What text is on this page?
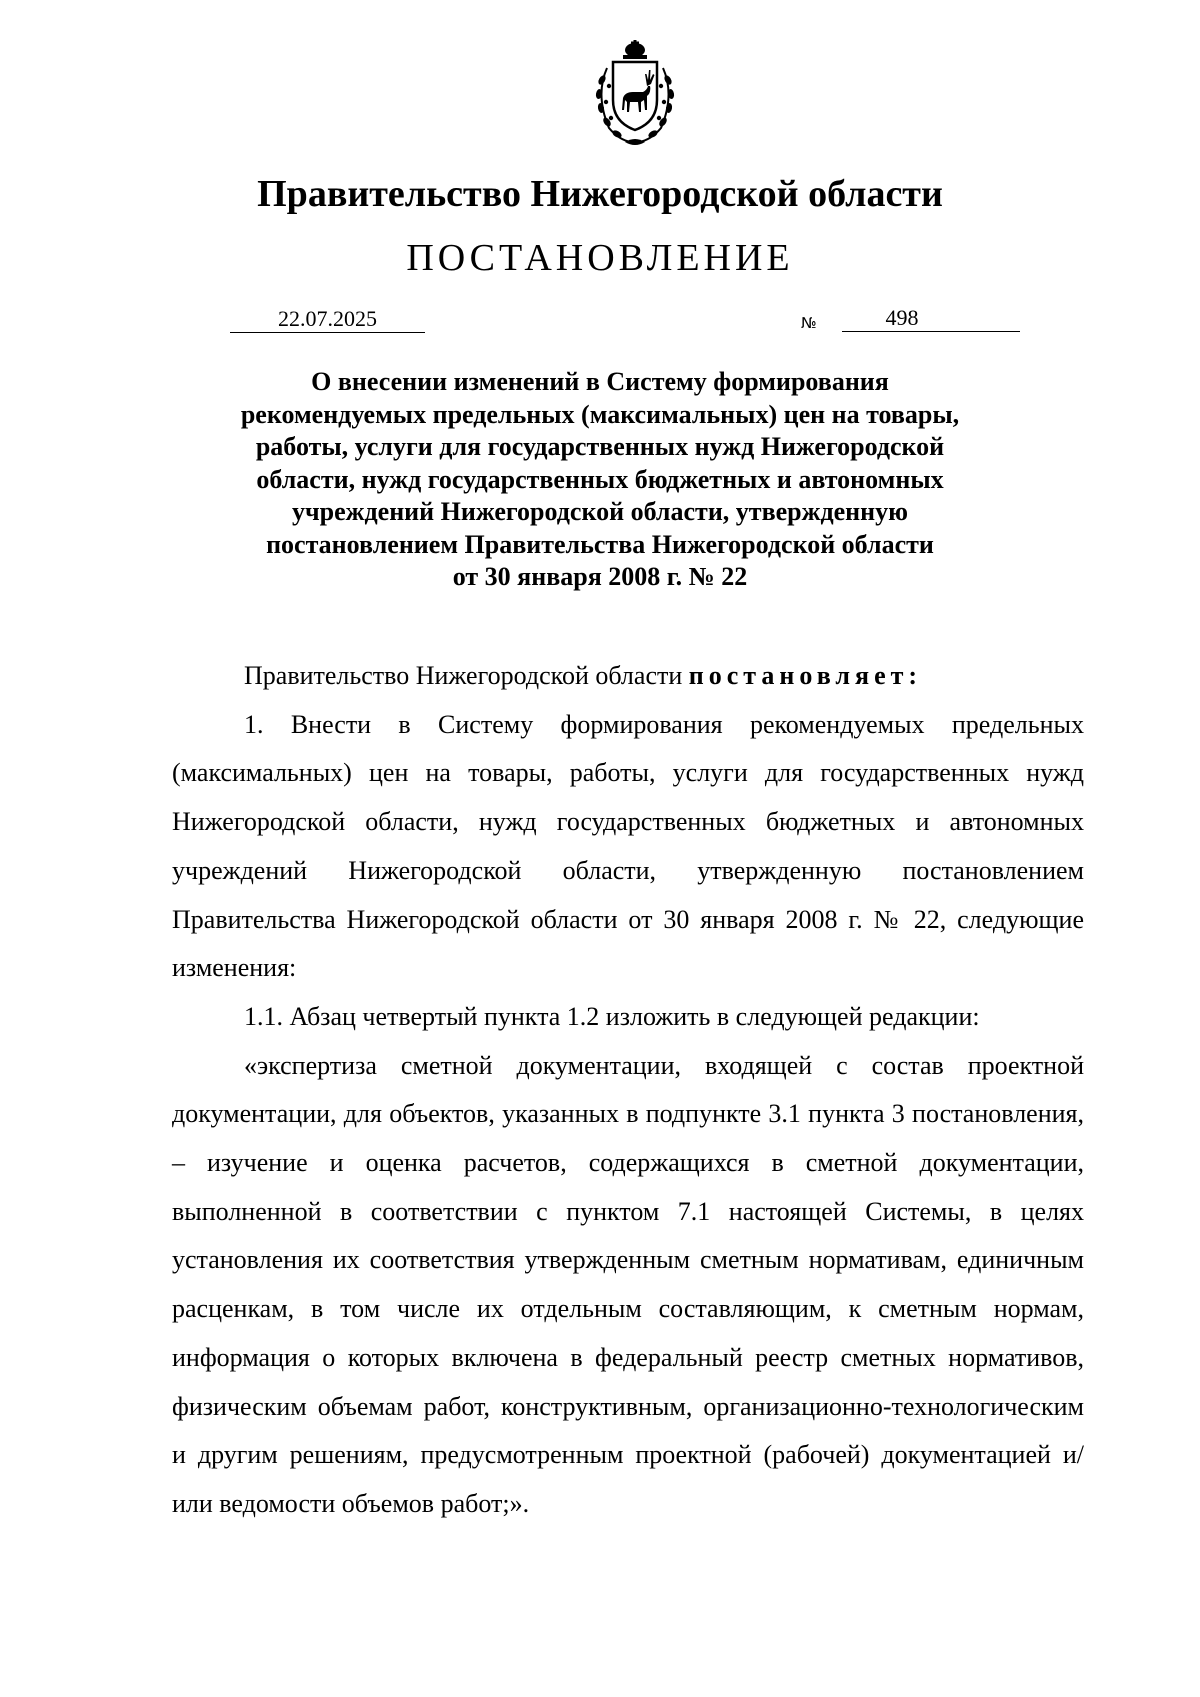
Правительство Нижегородской области
ПОСТАНОВЛЕНИЕ
22.07.2025	№	498
О внесении изменений в Систему формирования
рекомендуемых предельных (максимальных) цен на товары,
работы, услуги для государственных нужд Нижегородской
области, нужд государственных бюджетных и автономных
учреждений Нижегородской области, утвержденную
постановлением Правительства Нижегородской области
от 30 января 2008 г. № 22

Правительство Нижегородской области постановляет:

1. Внести в Систему формирования рекомендуемых предельных (максимальных) цен на товары, работы, услуги для государственных нужд Нижегородской области, нужд государственных бюджетных и автономных учреждений Нижегородской области, утвержденную постановлением Правительства Нижегородской области от 30 января 2008 г. № 22, следующие изменения:

1.1. Абзац четвертый пункта 1.2 изложить в следующей редакции:

«экспертиза сметной документации, входящей с состав проектной документации, для объектов, указанных в подпункте 3.1 пункта 3 постановления, – изучение и оценка расчетов, содержащихся в сметной документации, выполненной в соответствии с пунктом 7.1 настоящей Системы, в целях установления их соответствия утвержденным сметным нормативам, единичным расценкам, в том числе их отдельным составляющим, к сметным нормам, информация о которых включена в федеральный реестр сметных нормативов, физическим объемам работ, конструктивным, организационно-технологическим и другим решениям, предусмотренным проектной (рабочей) документацией и/или ведомости объемов работ;».
